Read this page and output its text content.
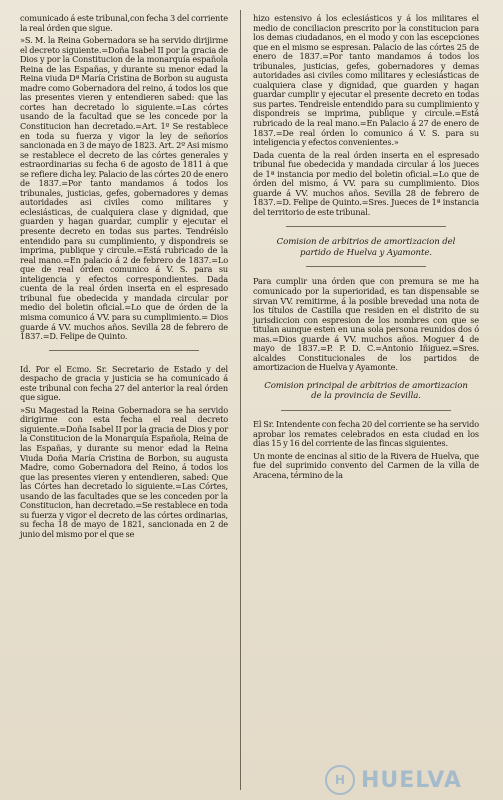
comunicado á este tribunal,con fecha 3 del corriente la real órden que sigue.

»S. M. la Reina Gobernadora se ha servido dirijirme el decreto siguiente.=Doña Isabel II por la gracia de Dios y por la Constitucion de la monarquía española Reina de las Españas, y durante su menor edad la Reina viuda Dª María Cristina de Borbon su augusta madre como Gobernadora del reino, á todos los que las presentes vieren y entendieren sabed: que las cortes han decretado lo siguiente.=Las córtes usando de la facultad que se les concede por la Constitucion han decretado.=Art. 1º Se restablece en toda su fuerza y vigor la ley de señoríos sancionada en 3 de mayo de 1823. Art. 2º Asi mismo se restablece el decreto de las córtes generales y estraordinarias su fecha 6 de agosto de 1811 ȧ que se refiere dicha ley. Palacio de las córtes 20 de enero de 1837.=Por tanto mandamos á todos los tribunales, justicias, gefes, gobernadores y demas autoridades asi civiles como militares y eclesiásticas, de cualquiera clase y dignidad, que guarden y hagan guardar, cumplir y ejecutar el presente decreto en todas sus partes. Tendréislo entendido para su cumplimiento, y dispondreis se imprima, publique y circule.=Está rubricado de la real mano.=En palacio á 2 de febrero de 1837.=Lo que de real órden comunico á V. S. para su inteligencia y efectos correspondientes. Dada cuenta de la real órden inserta en el espresado tribunal fue obedecida y mandada circular por medio del boletin oficial.=Lo que de órden de la misma comunico á VV. para su cumplimiento.= Dios guarde á VV. muchos años. Sevilla 28 de febrero de 1837.=D. Felipe de Quinto.

Id. Por el Ecmo. Sr. Secretario de Estado y del despacho de gracia y justicia se ha comunicado á este tribunal con fecha 27 del anterior la real órden que sigue.

»Su Magestad la Reina Gobernadora se ha servido dirigirme con esta fecha el real decreto siguiente.=Doña Isabel II por la gracia de Dios y por la Constitucion de la Monarquía Española, Reina de las Españas, y durante su menor edad la Reina Viuda Doña María Cristina de Borbon, su augusta Madre, como Gobernadora del Reino, á todos los que las presentes vieren y entendieren, sabed: Que las Córtes han decretado lo siguiente.=Las Córtes, usando de las facultades que se les conceden por la Constitucion, han decretado.=Se restablece en toda su fuerza y vigor el decreto de las córtes ordinarias, su fecha 18 de mayo de 1821, sancionada en 2 de junio del mismo por el que se

hizo estensivo á los eclesiásticos y á los militares el medio de conciliacion prescrito por la constitucion para los demas ciudadanos, en el modo y con las escepciones que en el mismo se espresan. Palacio de las córtes 25 de enero de 1837.=Por tanto mandamos á todos los tribunales, justicias, gefes, gobernadores y demas autoridades asi civiles como militares y eclesiásticas de cualquiera clase y dignidad, que guarden y hagan guardar cumplir y ejecutar el presente decreto en todas sus partes. Tendreisle entendido para su cumplimiento y dispondreis se imprima, publique y circule.=Está rubricado de la real mano.=En Palacio á 27 de enero de 1837.=De real órden lo comunico á V. S. para su inteligencia y efectos convenientes.»

Dada cuenta de la real órden inserta en el espresado tribunal fue obedecida y mandada circular á los jueces de 1ª instancia por medio del boletin oficial.=Lo que de órden del mismo, á VV. para su cumplimiento. Dios guarde á VV. muchos años. Sevilla 28 de febrero de 1837.=D. Felipe de Quinto.=Sres. Jueces de 1ª instancia del territorio de este tribunal.

Comision de arbitrios de amortizacion del
partido de Huelva y Ayamonte.

Para cumplir una órden que con premura se me ha comunicado por la superioridad, es tan dispensable se sirvan VV. remitirme, á la posible brevedad una nota de los títulos de Castilla que residen en el distrito de su jurisdiccion con espresion de los nombres con que se titulan aunque esten en una sola persona reunidos dos ó mas.=Dios guarde á VV. muchos años. Moguer 4 de mayo de 1837.=P. P. D. C.=Antonio Iñiguez.=Sres. alcaldes Constitucionales de los partidos de amortizacion de Huelva y Ayamonte.

Comision principal de arbitrios de amortizacion
de la provincia de Sevilla.

El Sr. Intendente con fecha 20 del corriente se ha servido aprobar los remates celebrados en esta ciudad en los dias 15 y 16 del corriente de las fincas siguientes.

Un monte de encinas al sitio de la Rivera de Huelva, que fue del suprimido convento del Carmen de la villa de Aracena, término de la

H HUELVA
